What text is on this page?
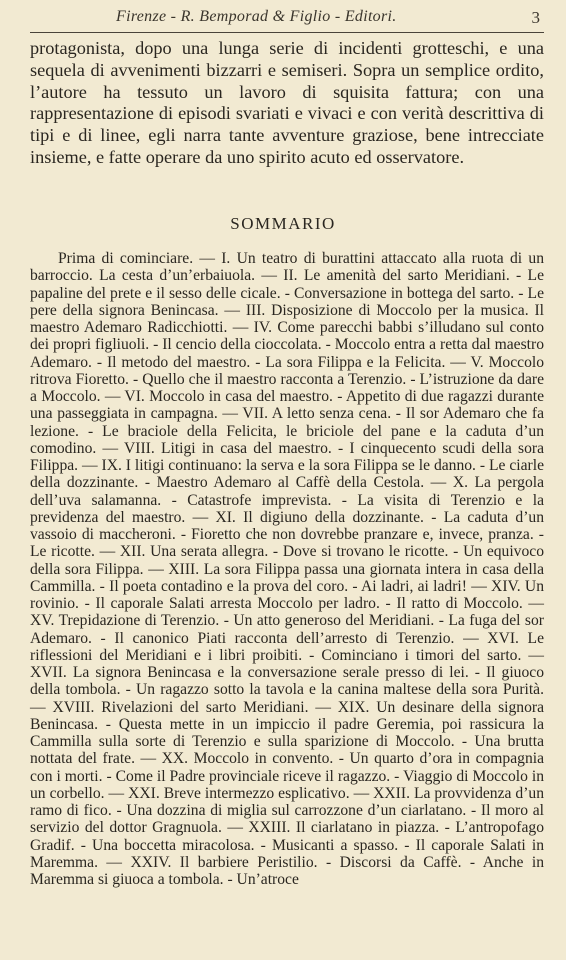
Firenze - R. Bemporad & Figlio - Editori.	3

protagonista, dopo una lunga serie di incidenti grotteschi, e una sequela di avvenimenti bizzarri e semiseri. Sopra un semplice ordito, l’autore ha tessuto un lavoro di squisita fattura; con una rappresentazione di episodi svariati e vivaci e con verità descrittiva di tipi e di linee, egli narra tante avventure graziose, bene intrecciate insieme, e fatte operare da uno spirito acuto ed osservatore.

SOMMARIO

Prima di cominciare. — I. Un teatro di burattini attaccato alla ruota di un barroccio. La cesta d’un’erbaiuola. — II. Le amenità del sarto Meridiani. - Le papaline del prete e il sesso delle cicale. - Conversazione in bottega del sarto. - Le pere della signora Benincasa. — III. Disposizione di Moccolo per la musica. Il maestro Ademaro Radicchiotti. — IV. Come parecchi babbi s’illudano sul conto dei propri figliuoli. - Il cencio della cioccolata. - Moccolo entra a retta dal maestro Ademaro. - Il metodo del maestro. - La sora Filippa e la Felicita. — V. Moccolo ritrova Fioretto. - Quello che il maestro racconta a Terenzio. - L’istruzione da dare a Moccolo. — VI. Moccolo in casa del maestro. - Appetito di due ragazzi durante una passeggiata in campagna. — VII. A letto senza cena. - Il sor Ademaro che fa lezione. - Le braciole della Felicita, le briciole del pane e la caduta d’un comodino. — VIII. Litigi in casa del maestro. - I cinquecento scudi della sora Filippa. — IX. I litigi continuano: la serva e la sora Filippa se le danno. - Le ciarle della dozzinante. - Maestro Ademaro al Caffè della Cestola. — X. La pergola dell’uva salamanna. - Catastrofe imprevista. - La visita di Terenzio e la previdenza del maestro. — XI. Il digiuno della dozzinante. - La caduta d’un vassoio di maccheroni. - Fioretto che non dovrebbe pranzare e, invece, pranza. - Le ricotte. — XII. Una serata allegra. - Dove si trovano le ricotte. - Un equivoco della sora Filippa. — XIII. La sora Filippa passa una giornata intera in casa della Cammilla. - Il poeta contadino e la prova del coro. - Ai ladri, ai ladri! — XIV. Un rovinio. - Il caporale Salati arresta Moccolo per ladro. - Il ratto di Moccolo. — XV. Trepidazione di Terenzio. - Un atto generoso del Meridiani. - La fuga del sor Ademaro. - Il canonico Piati racconta dell’arresto di Terenzio. — XVI. Le riflessioni del Meridiani e i libri proibiti. - Cominciano i timori del sarto. — XVII. La signora Benincasa e la conversazione serale presso di lei. - Il giuoco della tombola. - Un ragazzo sotto la tavola e la canina maltese della sora Purità. — XVIII. Rivelazioni del sarto Meridiani. — XIX. Un desinare della signora Benincasa. - Questa mette in un impiccio il padre Geremia, poi rassicura la Cammilla sulla sorte di Terenzio e sulla sparizione di Moccolo. - Una brutta nottata del frate. — XX. Moccolo in convento. - Un quarto d’ora in compagnia con i morti. - Come il Padre provinciale riceve il ragazzo. - Viaggio di Moccolo in un corbello. — XXI. Breve intermezzo esplicativo. — XXII. La provvidenza d’un ramo di fico. - Una dozzina di miglia sul carrozzone d’un ciarlatano. - Il moro al servizio del dottor Gragnuola. — XXIII. Il ciarlatano in piazza. - L’antropofago Gradif. - Una boccetta miracolosa. - Musicanti a spasso. - Il caporale Salati in Maremma. — XXIV. Il barbiere Peristilio. - Discorsi da Caffè. - Anche in Maremma si giuoca a tombola. - Un’atroce
